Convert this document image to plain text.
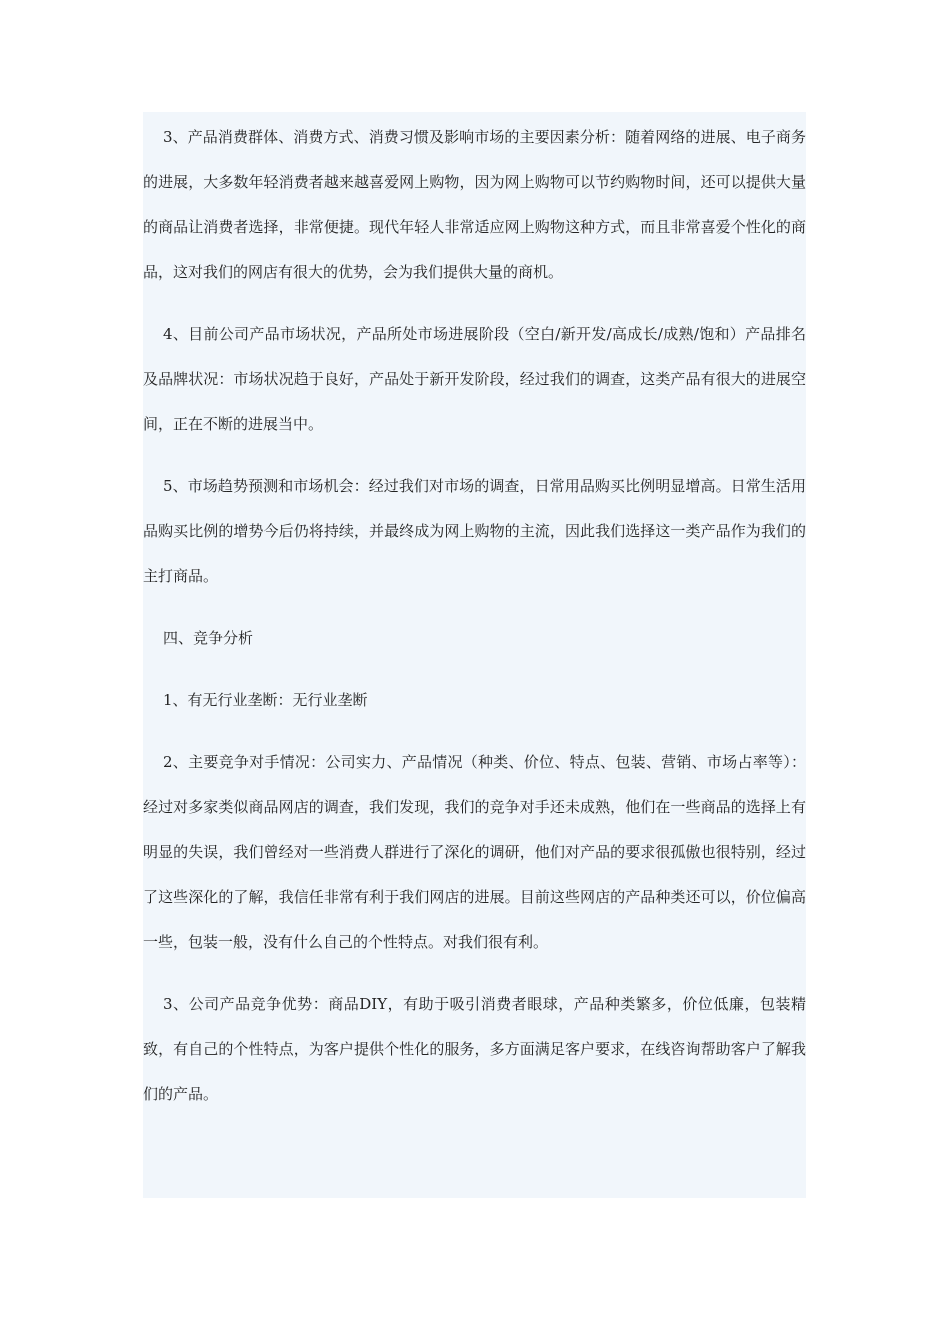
3、产品消费群体、消费方式、消费习惯及影响市场的主要因素分析：随着网络的进展、电子商务的进展，大多数年轻消费者越来越喜爱网上购物，因为网上购物可以节约购物时间，还可以提供大量的商品让消费者选择，非常便捷。现代年轻人非常适应网上购物这种方式，而且非常喜爱个性化的商品，这对我们的网店有很大的优势，会为我们提供大量的商机。

4、目前公司产品市场状况，产品所处市场进展阶段（空白/新开发/高成长/成熟/饱和）产品排名及品牌状况：市场状况趋于良好，产品处于新开发阶段，经过我们的调查，这类产品有很大的进展空间，正在不断的进展当中。

5、市场趋势预测和市场机会：经过我们对市场的调查，日常用品购买比例明显增高。日常生活用品购买比例的增势今后仍将持续，并最终成为网上购物的主流，因此我们选择这一类产品作为我们的主打商品。

四、竞争分析

1、有无行业垄断：无行业垄断

2、主要竞争对手情况：公司实力、产品情况（种类、价位、特点、包装、营销、市场占率等）：经过对多家类似商品网店的调查，我们发现，我们的竞争对手还未成熟，他们在一些商品的选择上有明显的失误，我们曾经对一些消费人群进行了深化的调研，他们对产品的要求很孤傲也很特别，经过了这些深化的了解，我信任非常有利于我们网店的进展。目前这些网店的产品种类还可以，价位偏高一些，包装一般，没有什么自己的个性特点。对我们很有利。

3、公司产品竞争优势：商品DIY，有助于吸引消费者眼球，产品种类繁多，价位低廉，包装精致，有自己的个性特点，为客户提供个性化的服务，多方面满足客户要求，在线咨询帮助客户了解我们的产品。
